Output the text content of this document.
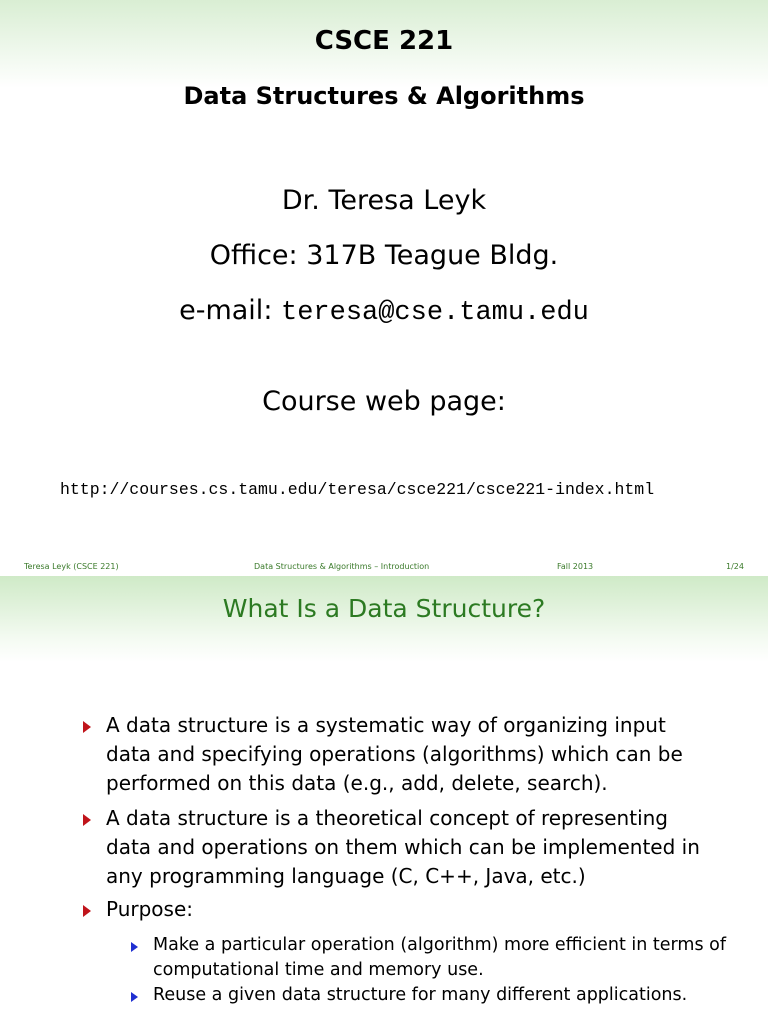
CSCE 221
Data Structures & Algorithms
Dr. Teresa Leyk
Office: 317B Teague Bldg.
e-mail: teresa@cse.tamu.edu
Course web page:
http://courses.cs.tamu.edu/teresa/csce221/csce221-index.html
Teresa Leyk (CSCE 221)	Data Structures & Algorithms – Introduction	Fall 2013	1/24
What Is a Data Structure?
A data structure is a systematic way of organizing input data and specifying operations (algorithms) which can be performed on this data (e.g., add, delete, search).
A data structure is a theoretical concept of representing data and operations on them which can be implemented in any programming language (C, C++, Java, etc.)
Purpose:
Make a particular operation (algorithm) more efficient in terms of computational time and memory use.
Reuse a given data structure for many different applications.
